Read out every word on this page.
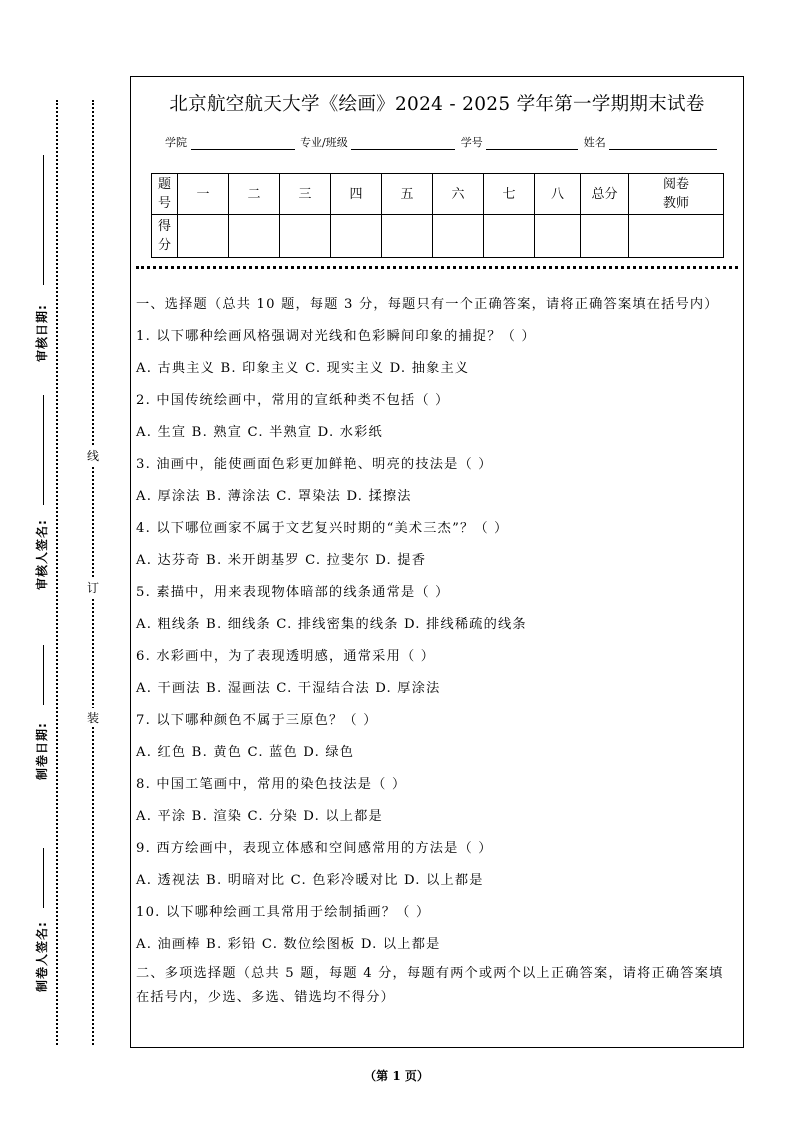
审核日期:
审核人签名:
制卷日期:
制卷人签名:
线
订
装
北京航空航天大学《绘画》2024 - 2025 学年第一学期期末试卷
学院	专业/班级	学号	姓名
题
号	一	二	三	四	五	六	七	八	总分	阅卷
教师
得
分										

一、选择题（总共 10 题，每题 3 分，每题只有一个正确答案，请将正确答案填在括号内）

1. 以下哪种绘画风格强调对光线和色彩瞬间印象的捕捉？（ ）

A. 古典主义 B. 印象主义 C. 现实主义 D. 抽象主义

2. 中国传统绘画中，常用的宣纸种类不包括（ ）

A. 生宣 B. 熟宣 C. 半熟宣 D. 水彩纸

3. 油画中，能使画面色彩更加鲜艳、明亮的技法是（ ）

A. 厚涂法 B. 薄涂法 C. 罩染法 D. 揉擦法

4. 以下哪位画家不属于文艺复兴时期的“美术三杰”？（ ）

A. 达芬奇 B. 米开朗基罗 C. 拉斐尔 D. 提香

5. 素描中，用来表现物体暗部的线条通常是（ ）

A. 粗线条 B. 细线条 C. 排线密集的线条 D. 排线稀疏的线条

6. 水彩画中，为了表现透明感，通常采用（ ）

A. 干画法 B. 湿画法 C. 干湿结合法 D. 厚涂法

7. 以下哪种颜色不属于三原色？（ ）

A. 红色 B. 黄色 C. 蓝色 D. 绿色

8. 中国工笔画中，常用的染色技法是（ ）

A. 平涂 B. 渲染 C. 分染 D. 以上都是

9. 西方绘画中，表现立体感和空间感常用的方法是（ ）

A. 透视法 B. 明暗对比 C. 色彩冷暖对比 D. 以上都是

10. 以下哪种绘画工具常用于绘制插画？（ ）

A. 油画棒 B. 彩铅 C. 数位绘图板 D. 以上都是

二、多项选择题（总共 5 题，每题 4 分，每题有两个或两个以上正确答案，请将正确答案填在括号内，少选、多选、错选均不得分）

（第 1 页）
